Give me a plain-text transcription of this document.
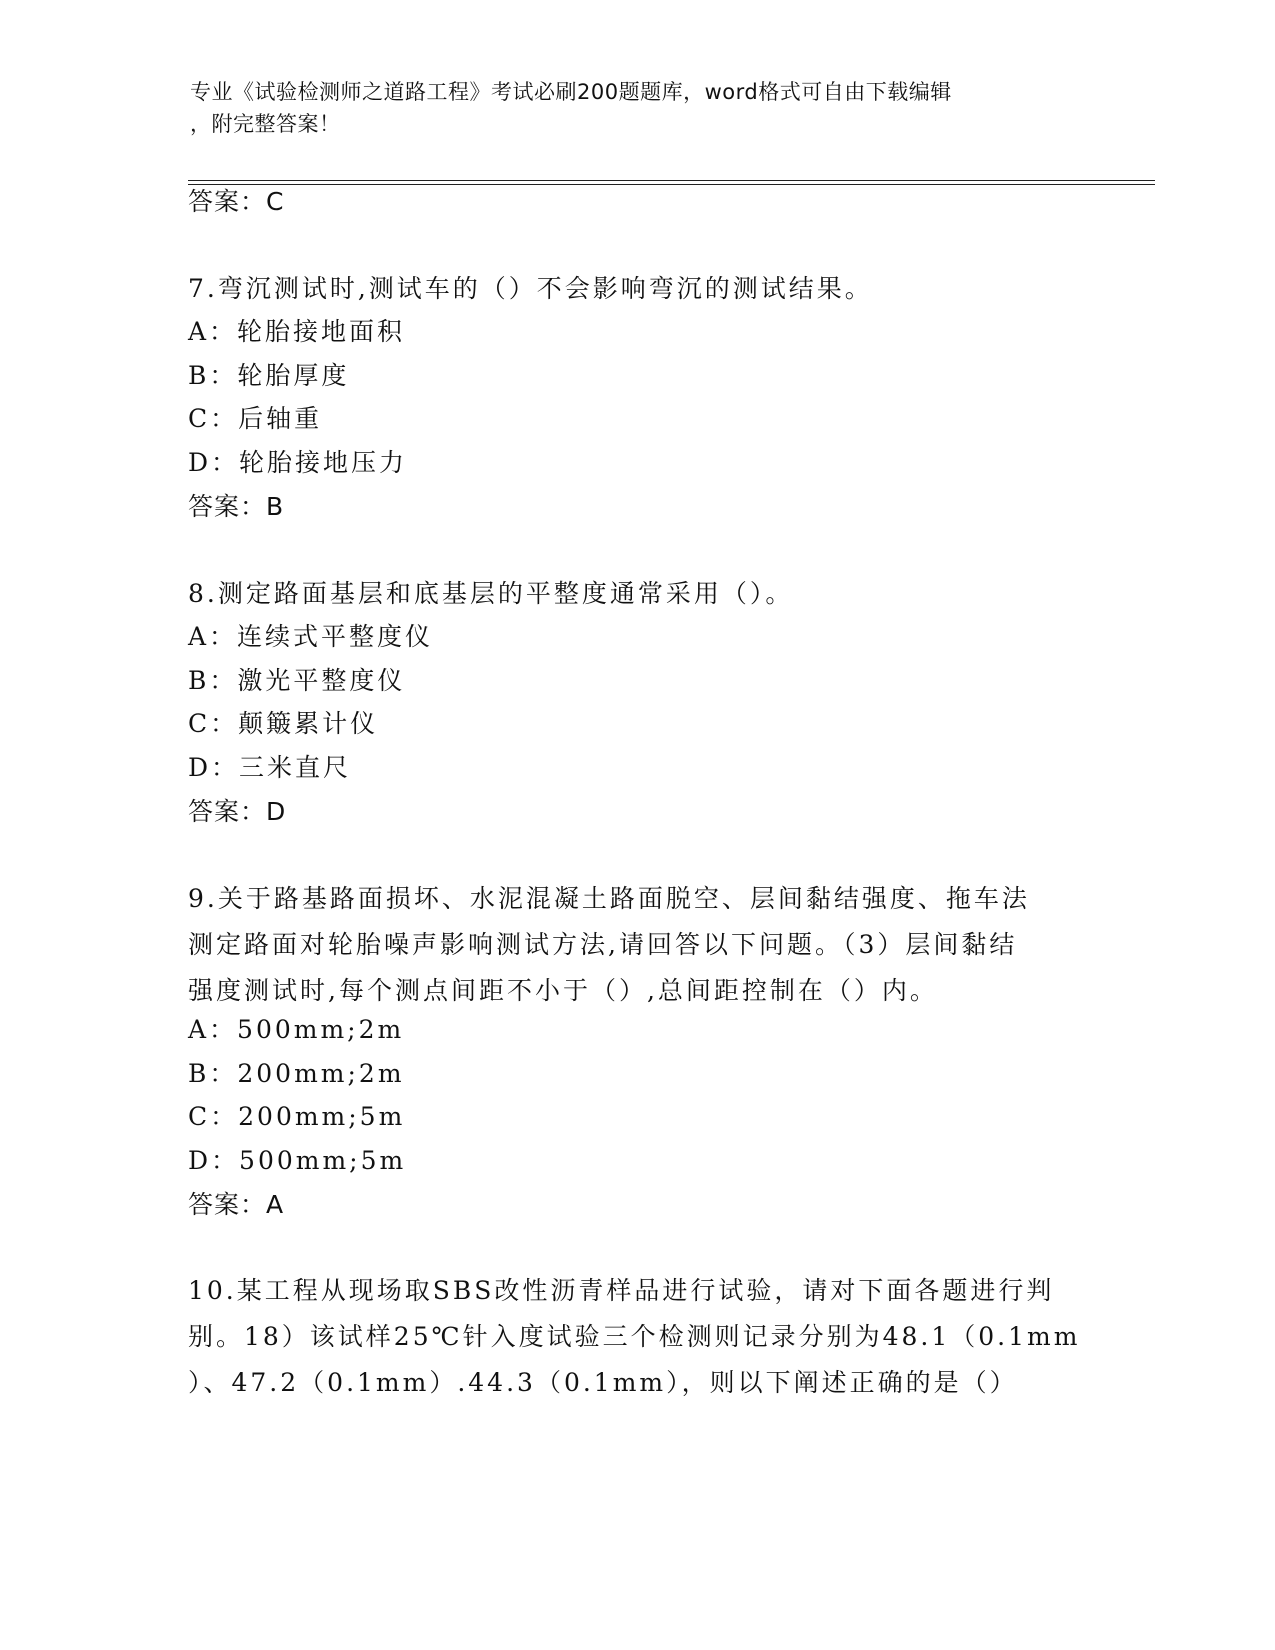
专业《试验检测师之道路工程》考试必刷200题题库，word格式可自由下载编辑
，附完整答案！
答案：C
7.弯沉测试时,测试车的（）不会影响弯沉的测试结果。
A：轮胎接地面积
B：轮胎厚度
C：后轴重
D：轮胎接地压力
答案：B
8.测定路面基层和底基层的平整度通常采用（）。
A：连续式平整度仪
B：激光平整度仪
C：颠簸累计仪
D：三米直尺
答案：D
9.关于路基路面损坏、水泥混凝土路面脱空、层间黏结强度、拖车法
测定路面对轮胎噪声影响测试方法,请回答以下问题。（3）层间黏结
强度测试时,每个测点间距不小于（）,总间距控制在（）内。
A：500mm;2m
B：200mm;2m
C：200mm;5m
D：500mm;5m
答案：A
10.某工程从现场取SBS改性沥青样品进行试验，请对下面各题进行判
别。18）该试样25℃针入度试验三个检测则记录分别为48.1（0.1mm
）、47.2（0.1mm）.44.3（0.1mm），则以下阐述正确的是（）
